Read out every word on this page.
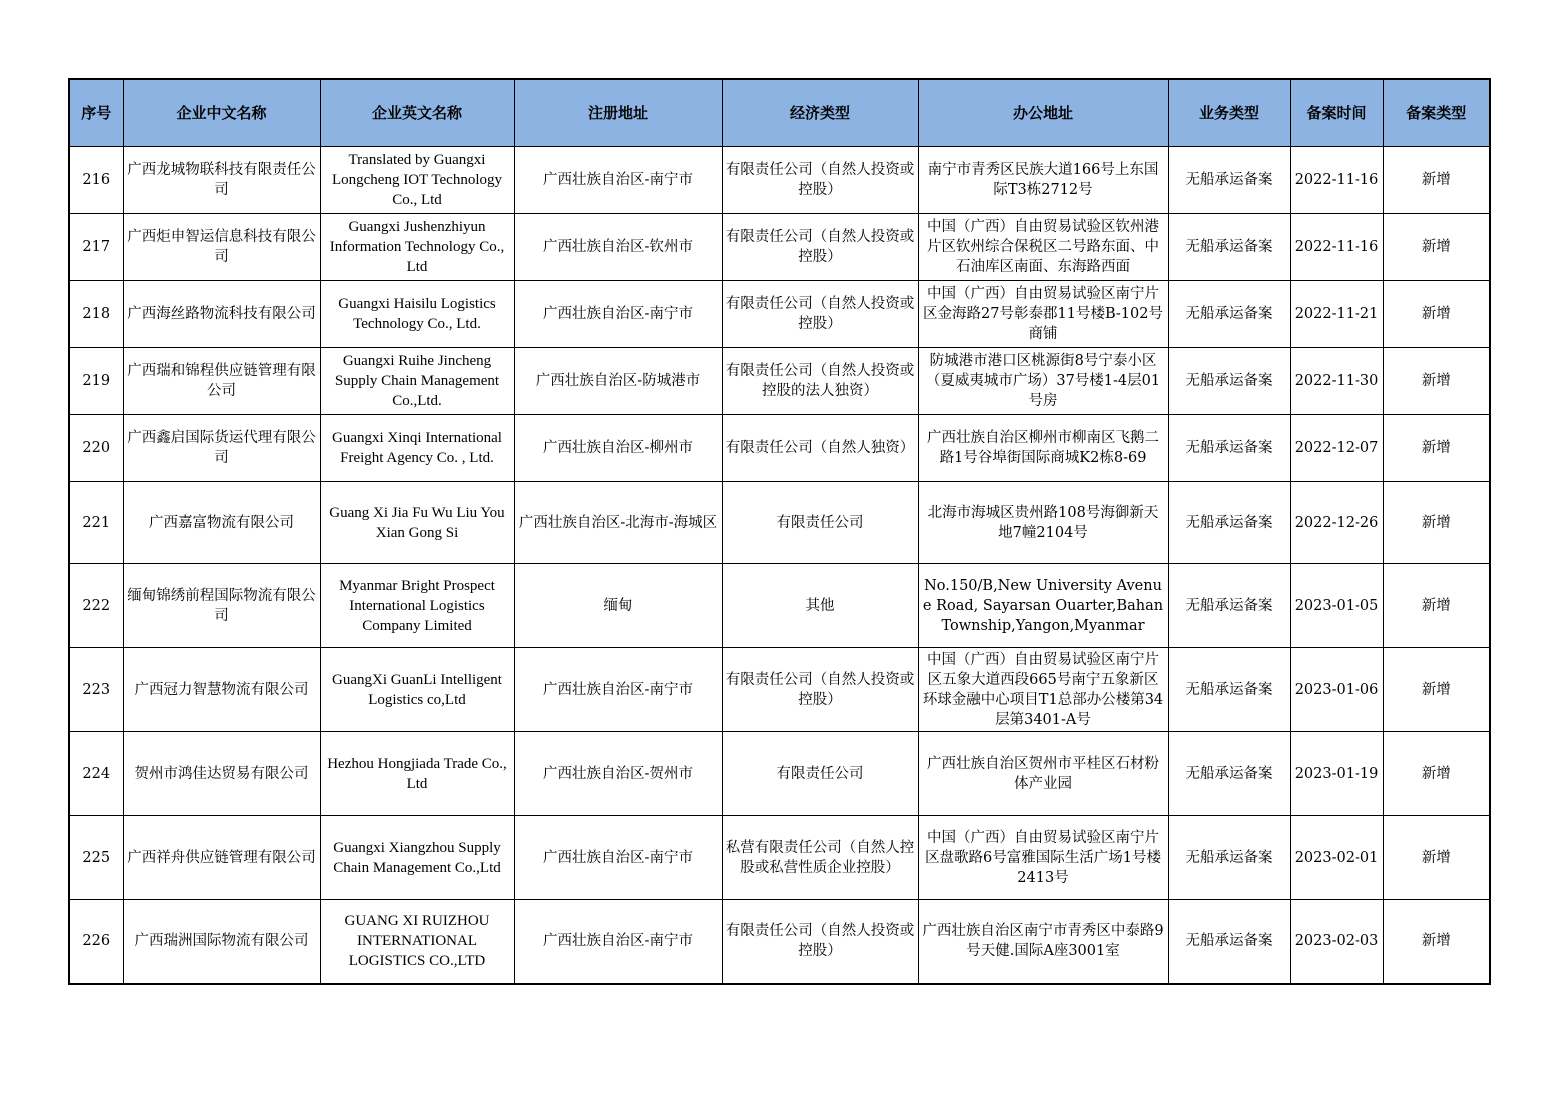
序号	企业中文名称	企业英文名称	注册地址	经济类型	办公地址	业务类型	备案时间	备案类型
216	广西龙城物联科技有限责任公司	Translated by Guangxi Longcheng IOT Technology Co., Ltd	广西壮族自治区-南宁市	有限责任公司（自然人投资或控股）	南宁市青秀区民族大道166号上东国际T3栋2712号	无船承运备案	2022-11-16	新增
217	广西炬申智运信息科技有限公司	Guangxi Jushenzhiyun Information Technology Co., Ltd	广西壮族自治区-钦州市	有限责任公司（自然人投资或控股）	中国（广西）自由贸易试验区钦州港片区钦州综合保税区二号路东面、中石油库区南面、东海路西面	无船承运备案	2022-11-16	新增
218	广西海丝路物流科技有限公司	Guangxi Haisilu Logistics Technology Co., Ltd.	广西壮族自治区-南宁市	有限责任公司（自然人投资或控股）	中国（广西）自由贸易试验区南宁片区金海路27号彰泰郡11号楼B-102号商铺	无船承运备案	2022-11-21	新增
219	广西瑞和锦程供应链管理有限公司	Guangxi Ruihe Jincheng Supply Chain Management Co.,Ltd.	广西壮族自治区-防城港市	有限责任公司（自然人投资或控股的法人独资）	防城港市港口区桃源街8号宁泰小区（夏威夷城市广场）37号楼1-4层01号房	无船承运备案	2022-11-30	新增
220	广西鑫启国际货运代理有限公司	Guangxi Xinqi International Freight Agency Co. , Ltd.	广西壮族自治区-柳州市	有限责任公司（自然人独资）	广西壮族自治区柳州市柳南区飞鹅二路1号谷埠街国际商城K2栋8-69	无船承运备案	2022-12-07	新增
221	广西嘉富物流有限公司	Guang Xi Jia Fu Wu Liu You Xian Gong Si	广西壮族自治区-北海市-海城区	有限责任公司	北海市海城区贵州路108号海御新天地7幢2104号	无船承运备案	2022-12-26	新增
222	缅甸锦绣前程国际物流有限公司	Myanmar Bright Prospect International Logistics Company Limited	缅甸	其他	No.150/B,New University Avenue Road, Sayarsan Ouarter,Bahan Township,Yangon,Myanmar	无船承运备案	2023-01-05	新增
223	广西冠力智慧物流有限公司	GuangXi GuanLi Intelligent Logistics co,Ltd	广西壮族自治区-南宁市	有限责任公司（自然人投资或控股）	中国（广西）自由贸易试验区南宁片区五象大道西段665号南宁五象新区环球金融中心项目T1总部办公楼第34层第3401-A号	无船承运备案	2023-01-06	新增
224	贺州市鸿佳达贸易有限公司	Hezhou Hongjiada Trade Co., Ltd	广西壮族自治区-贺州市	有限责任公司	广西壮族自治区贺州市平桂区石材粉体产业园	无船承运备案	2023-01-19	新增
225	广西祥舟供应链管理有限公司	Guangxi Xiangzhou Supply Chain Management Co.,Ltd	广西壮族自治区-南宁市	私营有限责任公司（自然人控股或私营性质企业控股）	中国（广西）自由贸易试验区南宁片区盘歌路6号富雅国际生活广场1号楼2413号	无船承运备案	2023-02-01	新增
226	广西瑞洲国际物流有限公司	GUANG XI RUIZHOU INTERNATIONAL LOGISTICS CO.,LTD	广西壮族自治区-南宁市	有限责任公司（自然人投资或控股）	广西壮族自治区南宁市青秀区中泰路9号天健.国际A座3001室	无船承运备案	2023-02-03	新增
